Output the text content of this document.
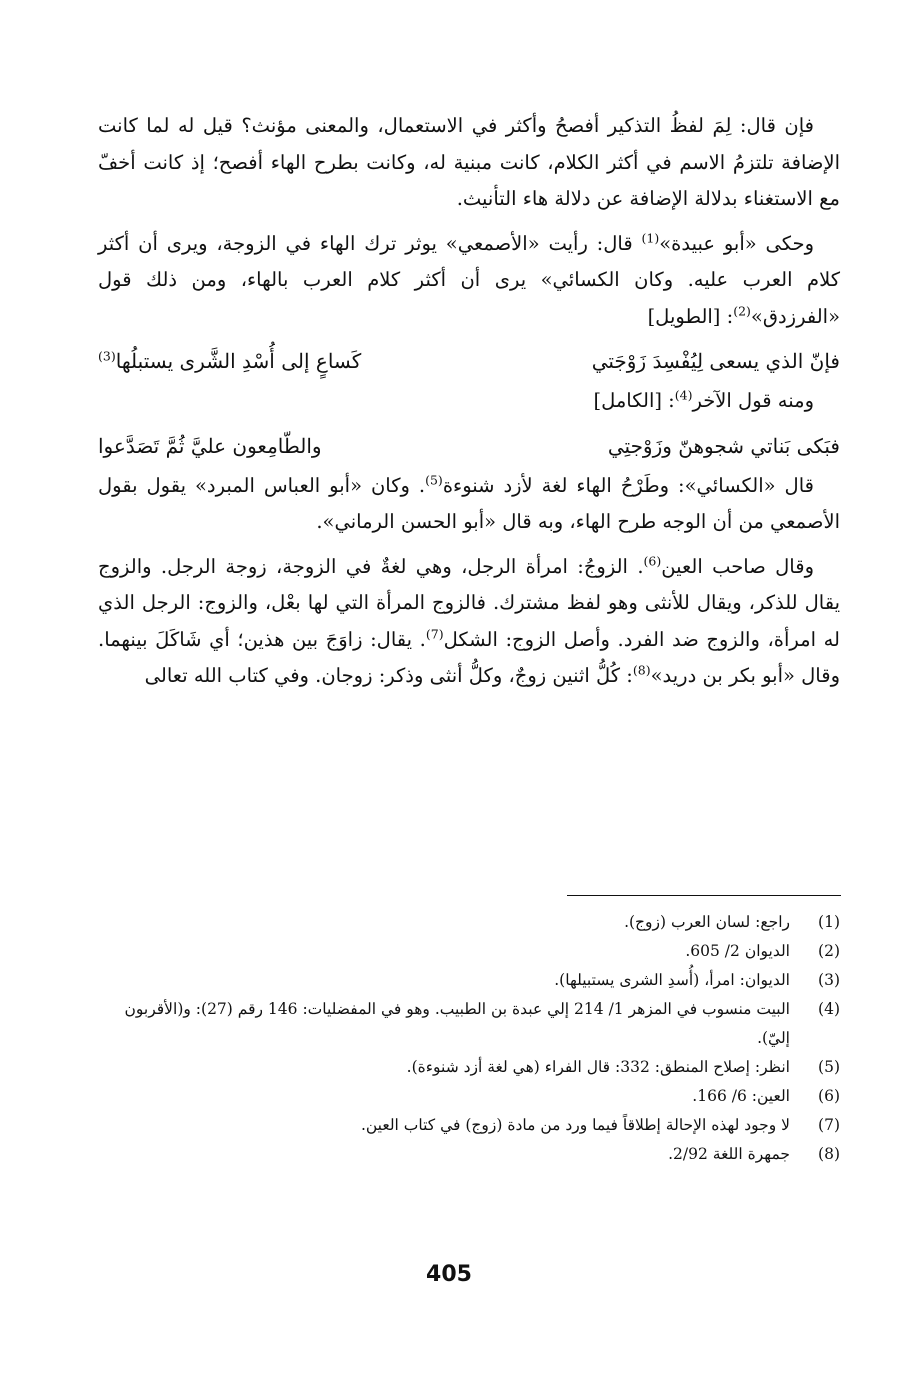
فإن قال: لِمَ لفظُ التذكير أفصحُ وأكثر في الاستعمال، والمعنى مؤنث؟ قيل له لما كانت الإضافة تلتزمُ الاسم في أكثر الكلام، كانت مبنية له، وكانت بطرح الهاء أفصح؛ إذ كانت أخفّ مع الاستغناء بدلالة الإضافة عن دلالة هاء التأنيث.

وحكى «أبو عبيدة»$^{(1)}$ قال: رأيت «الأصمعي» يوثر ترك الهاء في الزوجة، ويرى أن أكثر كلام العرب عليه. وكان الكسائي» يرى أن أكثر كلام العرب بالهاء، ومن ذلك قول «الفرزدق»$^{(2)}$: [الطويل]

فإنّ الذي يسعى لِيُفْسِدَ زَوْجَتي
كَساعٍ إلى أُسْدِ الشَّرى يستبلُها$^{(3)}$

ومنه قول الآخر$^{(4)}$: [الكامل]

فبَكى بَناتي شجوهنّ وزَوْجتِي
والطّامِعون عليَّ ثُمَّ تَصَدَّعوا

قال «الكسائي»: وطَرْحُ الهاء لغة لأزد شنوءة$^{(5)}$. وكان «أبو العباس المبرد» يقول بقول الأصمعي من أن الوجه طرح الهاء، وبه قال «أبو الحسن الرماني».

وقال صاحب العين$^{(6)}$. الزوجُ: امرأة الرجل، وهي لغةٌ في الزوجة، زوجة الرجل. والزوج يقال للذكر، ويقال للأنثى وهو لفظ مشترك. فالزوج المرأة التي لها بعْل، والزوج: الرجل الذي له امرأة، والزوج ضد الفرد. وأصل الزوج: الشكل$^{(7)}$. يقال: زاوَجَ بين هذين؛ أي شَاكَلَ بينهما. وقال «أبو بكر بن دريد»$^{(8)}$: كُلُّ اثنين زوجٌ، وكلُّ أنثى وذكر: زوجان. وفي كتاب الله تعالى

(1)
راجع: لسان العرب (زوج).
(2)
الديوان 2/ 605.
(3)
الديوان: امرأ، (أُسدِ الشرى يستبيلها).
(4)
البيت منسوب في المزهر 1/ 214 إلي عبدة بن الطبيب. وهو في المفضليات: 146 رقم (27): و(الأقربون إليّ).
(5)
انظر: إصلاح المنطق: 332: قال الفراء (هي لغة أزد شنوءة).
(6)
العين: 6/ 166.
(7)
لا وجود لهذه الإحالة إطلاقاً فيما ورد من مادة (زوج) في كتاب العين.
(8)
جمهرة اللغة 2/92.
405
